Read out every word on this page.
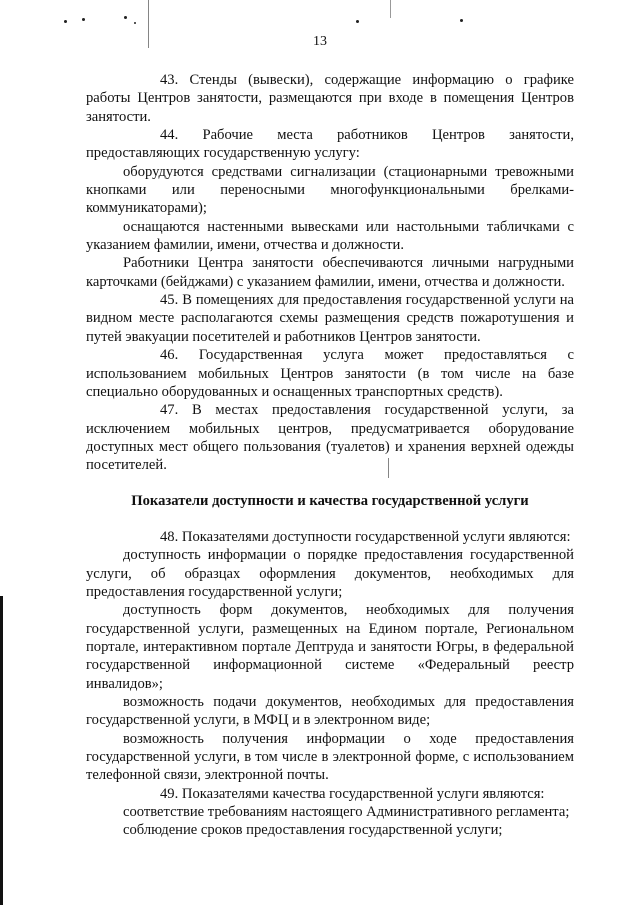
13

43. Стенды (вывески), содержащие информацию о графике работы Центров занятости, размещаются при входе в помещения Центров занятости.

44. Рабочие места работников Центров занятости, предоставляющих государственную услугу:

оборудуются средствами сигнализации (стационарными тревожными кнопками или переносными многофункциональными брелками-коммуникаторами);

оснащаются настенными вывесками или настольными табличками с указанием фамилии, имени, отчества и должности.

Работники Центра занятости обеспечиваются личными нагрудными карточками (бейджами) с указанием фамилии, имени, отчества и должности.

45. В помещениях для предоставления государственной услуги на видном месте располагаются схемы размещения средств пожаротушения и путей эвакуации посетителей и работников Центров занятости.

46. Государственная услуга может предоставляться с использованием мобильных Центров занятости (в том числе на базе специально оборудованных и оснащенных транспортных средств).

47. В местах предоставления государственной услуги, за исключением мобильных центров, предусматривается оборудование доступных мест общего пользования (туалетов) и хранения верхней одежды посетителей.

Показатели доступности и качества государственной услуги

48. Показателями доступности государственной услуги являются:

доступность информации о порядке предоставления государственной услуги, об образцах оформления документов, необходимых для предоставления государственной услуги;

доступность форм документов, необходимых для получения государственной услуги, размещенных на Едином портале, Региональном портале, интерактивном портале Дептруда и занятости Югры, в федеральной государственной информационной системе «Федеральный реестр инвалидов»;

возможность подачи документов, необходимых для предоставления государственной услуги, в МФЦ и в электронном виде;

возможность получения информации о ходе предоставления государственной услуги, в том числе в электронной форме, с использованием телефонной связи, электронной почты.

49. Показателями качества государственной услуги являются:

соответствие требованиям настоящего Административного регламента;

соблюдение сроков предоставления государственной услуги;
